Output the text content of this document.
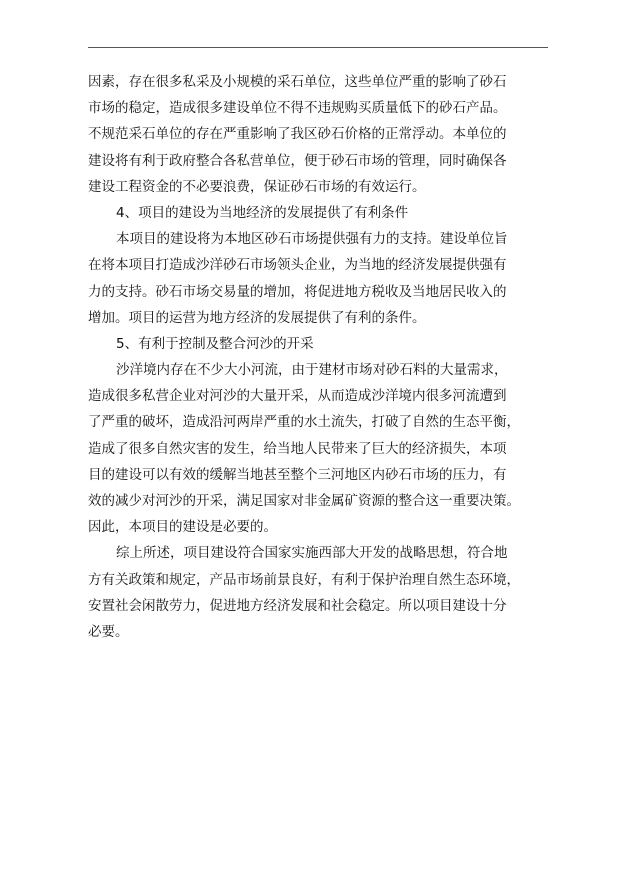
因素，存在很多私采及小规模的采石单位，这些单位严重的影响了砂石
市场的稳定，造成很多建设单位不得不违规购买质量低下的砂石产品。
不规范采石单位的存在严重影响了我区砂石价格的正常浮动。本单位的
建设将有利于政府整合各私营单位，便于砂石市场的管理，同时确保各
建设工程资金的不必要浪费，保证砂石市场的有效运行。
4、项目的建设为当地经济的发展提供了有利条件
本项目的建设将为本地区砂石市场提供强有力的支持。建设单位旨
在将本项目打造成沙洋砂石市场领头企业，为当地的经济发展提供强有
力的支持。砂石市场交易量的增加，将促进地方税收及当地居民收入的
增加。项目的运营为地方经济的发展提供了有利的条件。
5、有利于控制及整合河沙的开采
沙洋境内存在不少大小河流，由于建材市场对砂石料的大量需求，
造成很多私营企业对河沙的大量开采，从而造成沙洋境内很多河流遭到
了严重的破坏，造成沿河两岸严重的水土流失，打破了自然的生态平衡，
造成了很多自然灾害的发生，给当地人民带来了巨大的经济损失，本项
目的建设可以有效的缓解当地甚至整个三河地区内砂石市场的压力，有
效的减少对河沙的开采，满足国家对非金属矿资源的整合这一重要决策。
因此，本项目的建设是必要的。
综上所述，项目建设符合国家实施西部大开发的战略思想，符合地
方有关政策和规定，产品市场前景良好，有利于保护治理自然生态环境，
安置社会闲散劳力，促进地方经济发展和社会稳定。所以项目建设十分
必要。
